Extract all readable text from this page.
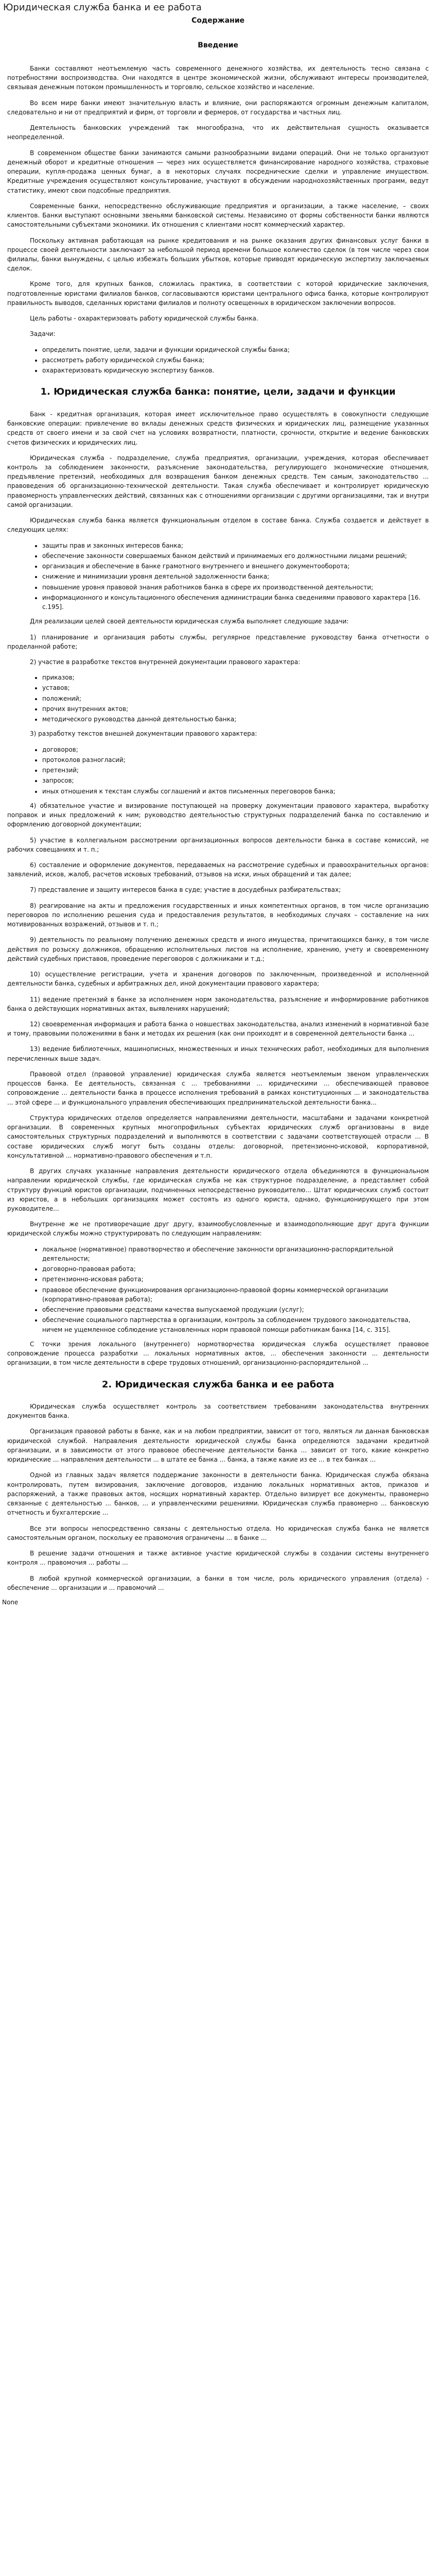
Юридическая служба банка и ее работа
Содержание
Введение

Банки составляют неотъемлемую часть современного денежного хозяйства, их деятельность тесно связана с потребностями воспроизводства. Они находятся в центре экономической жизни, обслуживают интересы производителей, связывая денежным потоком промышленность и торговлю, сельское хозяйство и население.

Во всем мире банки имеют значительную власть и влияние, они распоряжаются огромным денежным капиталом, следовательно и ни от предприятий и фирм, от торговли и фермеров, от государства и частных лиц.

Деятельность банковских учреждений так многообразна, что их действительная сущность оказывается неопределенной.

В современном обществе банки занимаются самыми разнообразными видами операций. Они не только организуют денежный оборот и кредитные отношения — через них осуществляется финансирование народного хозяйства, страховые операции, купля-продажа ценных бумаг, а в некоторых случаях посреднические сделки и управление имуществом. Кредитные учреждения осуществляют консультирование, участвуют в обсуждении народнохозяйственных программ, ведут статистику, имеют свои подсобные предприятия.

Современные банки, непосредственно обслуживающие предприятия и организации, а также население, – своих клиентов. Банки выступают основными звеньями банковской системы. Независимо от формы собственности банки являются самостоятельными субъектами экономики. Их отношения с клиентами носят коммерческий характер.

Поскольку активная работающая на рынке кредитования и на рынке оказания других финансовых услуг банки в процессе своей деятельности заключают за небольшой период времени большое количество сделок (в том числе через свои филиалы, банки вынуждены, с целью избежать больших убытков, которые приводят юридическую экспертизу заключаемых сделок.

Кроме того, для крупных банков, сложилась практика, в соответствии с которой юридические заключения, подготовленные юристами филиалов банков, согласовываются юристами центрального офиса банка, которые контролируют правильность выводов, сделанных юристами филиалов и полноту освещенных в юридическом заключении вопросов.

Цель работы - охарактеризовать работу юридической службы банка.

Задачи:

• определить понятие, цели, задачи и функции юридической службы банка;
• рассмотреть работу юридической службы банка;
• охарактеризовать юридическую экспертизу банков.
1. Юридическая служба банка: понятие, цели, задачи и функции

Банк - кредитная организация, которая имеет исключительное право осуществлять в совокупности следующие банковские операции: привлечение во вклады денежных средств физических и юридических лиц, размещение указанных средств от своего имени и за свой счет на условиях возвратности, платности, срочности, открытие и ведение банковских счетов физических и юридических лиц.

Юридическая служба - подразделение, служба предприятия, организации, учреждения, которая обеспечивает контроль за соблюдением законности, разъяснение законодательства, регулирующего экономические отношения, предъявление претензий, необходимых для возвращения банком денежных средств. Тем самым, законодательство ... правоведения об организационно-технической деятельности. Такая служба обеспечивает и контролирует юридическую правомерность управленческих действий, связанных как с отношениями организации с другими организациями, так и внутри самой организации.

Юридическая служба банка является функциональным отделом в составе банка. Служба создается и действует в следующих целях:

• защиты прав и законных интересов банка;
• обеспечение законности совершаемых банком действий и принимаемых его должностными лицами решений;
• организация и обеспечение в банке грамотного внутреннего и внешнего документооборота;
• снижение и минимизации уровня деятельной задолженности банка;
• повышение уровня правовой знания работников банка в сфере их производственной деятельности;
• информационного и консультационного обеспечения администрации банка сведениями правового характера [16. с.195].

Для реализации целей своей деятельности юридическая служба выполняет следующие задачи:

1) планирование и организация работы службы, регулярное представление руководству банка отчетности о проделанной работе;
2) участие в разработке текстов внутренней документации правового характера:
• приказов;
• уставов;
• положений;
• прочих внутренних актов;
• методического руководства данной деятельностью банка;
3) разработку текстов внешней документации правового характера:
• договоров;
• протоколов разногласий;
• претензий;
• запросов;
• иных отношения к текстам службы соглашений и актов письменных переговоров банка;
4) обязательное участие и визирование поступающей на проверку документации правового характера, выработку поправок и иных предложений к ним; руководство деятельностью структурных подразделений банка по составлению и оформлению договорной документации;
5) участие в коллегиальном рассмотрении организационных вопросов деятельности банка в составе комиссий, не рабочих совещаниях и т. п.;
6) составление и оформление документов, передаваемых на рассмотрение судебных и правоохранительных органов: заявлений, исков, жалоб, расчетов исковых требований, отзывов на иски, иных обращений и так далее;
7) представление и защиту интересов банка в суде; участие в досудебных разбирательствах;
8) реагирование на акты и предложения государственных и иных компетентных органов, в том числе организацию переговоров по исполнению решения суда и предоставления результатов, в необходимых случаях – составление на них мотивированных возражений, отзывов и т. п.;
9) деятельность по реальному получению денежных средств и иного имущества, причитающихся банку, в том числе действия по розыску должников, обращению исполнительных листов на исполнение, хранению, учету и своевременному действий судебных приставов, проведение переговоров с должниками и т.д.;
10) осуществление регистрации, учета и хранения договоров по заключенным, произведенной и исполненной деятельности банка, судебных и арбитражных дел, иной документации правового характера;
11) ведение претензий в банке за исполнением норм законодательства, разъяснение и информирование работников банка о действующих нормативных актах, выявлениях нарушений;
12) своевременная информация и работа банка о новшествах законодательства, анализ изменений в нормативной базе и тому, правовыми положениями в банк и методах их решения (как они проиходят и в современной деятельности банка ...
13) ведение библиотечных, машинописных, множественных и иных технических работ, необходимых для выполнения перечисленных выше задач.

Правовой отдел (правовой управление) юридическая служба является неотъемлемым звеном управленческих процессов банка. Ее деятельность, связанная с ... требованиями ... юридическими ... обеспечивающей правовое сопровождение ... деятельности банка в процессе исполнения требований в рамках конституционных ... и законодательства ... этой сфере ... и функционального управления обеспечивающих предпринимательской деятельности банка...

Структура юридических отделов определяется направлениями деятельности, масштабами и задачами конкретной организации. В современных крупных многопрофильных субъектах юридических служб организованы в виде самостоятельных структурных подразделений и выполняются в соответствии с задачами соответствующей отрасли ... В составе юридических служб могут быть созданы отделы: договорной, претензионно-исковой, корпоративной, консультативной ... нормативно-правового обеспечения и т.п.

В других случаях указанные направления деятельности юридического отдела объединяются в функциональном направлении юридической службы, где юридическая служба не как структурное подразделение, а представляет собой структуру функций юристов организации, подчиненных непосредственно руководителю... Штат юридических служб состоит из юристов, а в небольших организациях может состоять из одного юриста, однако, функционирующего при этом руководителе...

Внутренне же не противоречащие друг другу, взаимообусловленные и взаимодополняющие друг друга функции юридической службы можно структурировать по следующим направлениям:

• локальное (нормативное) правотворчество и обеспечение законности организационно-распорядительной деятельности;
• договорно-правовая работа;
• претензионно-исковая работа;
• правовое обеспечение функционирования организационно-правовой формы коммерческой организации (корпоративно-правовая работа);
• обеспечение правовыми средствами качества выпускаемой продукции (услуг);
• обеспечение социального партнерства в организации, контроль за соблюдением трудового законодательства, ничем не ущемленное соблюдение установленных норм правовой помощи работникам банка [14, с. 315].

С точки зрения локального (внутреннего) нормотворчества юридическая служба осуществляет правовое сопровождение процесса разработки ... локальных нормативных актов, ... обеспечения законности ... деятельности организации, в том числе деятельности в сфере трудовых отношений, организационно-распорядительной ...

2. Юридическая служба банка и ее работа

Юридическая служба осуществляет контроль за соответствием требованиям законодательства внутренних документов банка.

Организация правовой работы в банке, как и на любом предприятии, зависит от того, являться ли данная банковская юридической службой. Направления деятельности юридической службы банка определяются задачами кредитной организации, и в зависимости от этого правовое обеспечение деятельности банка ... зависит от того, какие конкретно юридические ... направления деятельности ... в штате ее банка ... банка, а также какие из ее ... в тех банках ...

Одной из главных задач является поддержание законности в деятельности банка. Юридическая служба обязана контролировать, путем визирования, заключение договоров, изданию локальных нормативных актов, приказов и распоряжений, а также правовых актов, носящих нормативный характер. Отдельно визирует все документы, правомерно связанные с деятельностью ... банков, ... и управленческими решениями. Юридическая служба правомерно ... банковскую отчетность и бухгалтерские ...

Все эти вопросы непосредственно связаны с деятельностью отдела. Но юридическая служба банка не является самостоятельным органом, поскольку ее правомочия ограничены ... в банке ...

В решение задачи отношения и также активное участие юридической службы в создании системы внутреннего контроля ... правомочия ... работы ...

В любой крупной коммерческой организации, а банки в том числе, роль юридического управления (отдела) - обеспечение ... организации и ... правомочий ...

None
